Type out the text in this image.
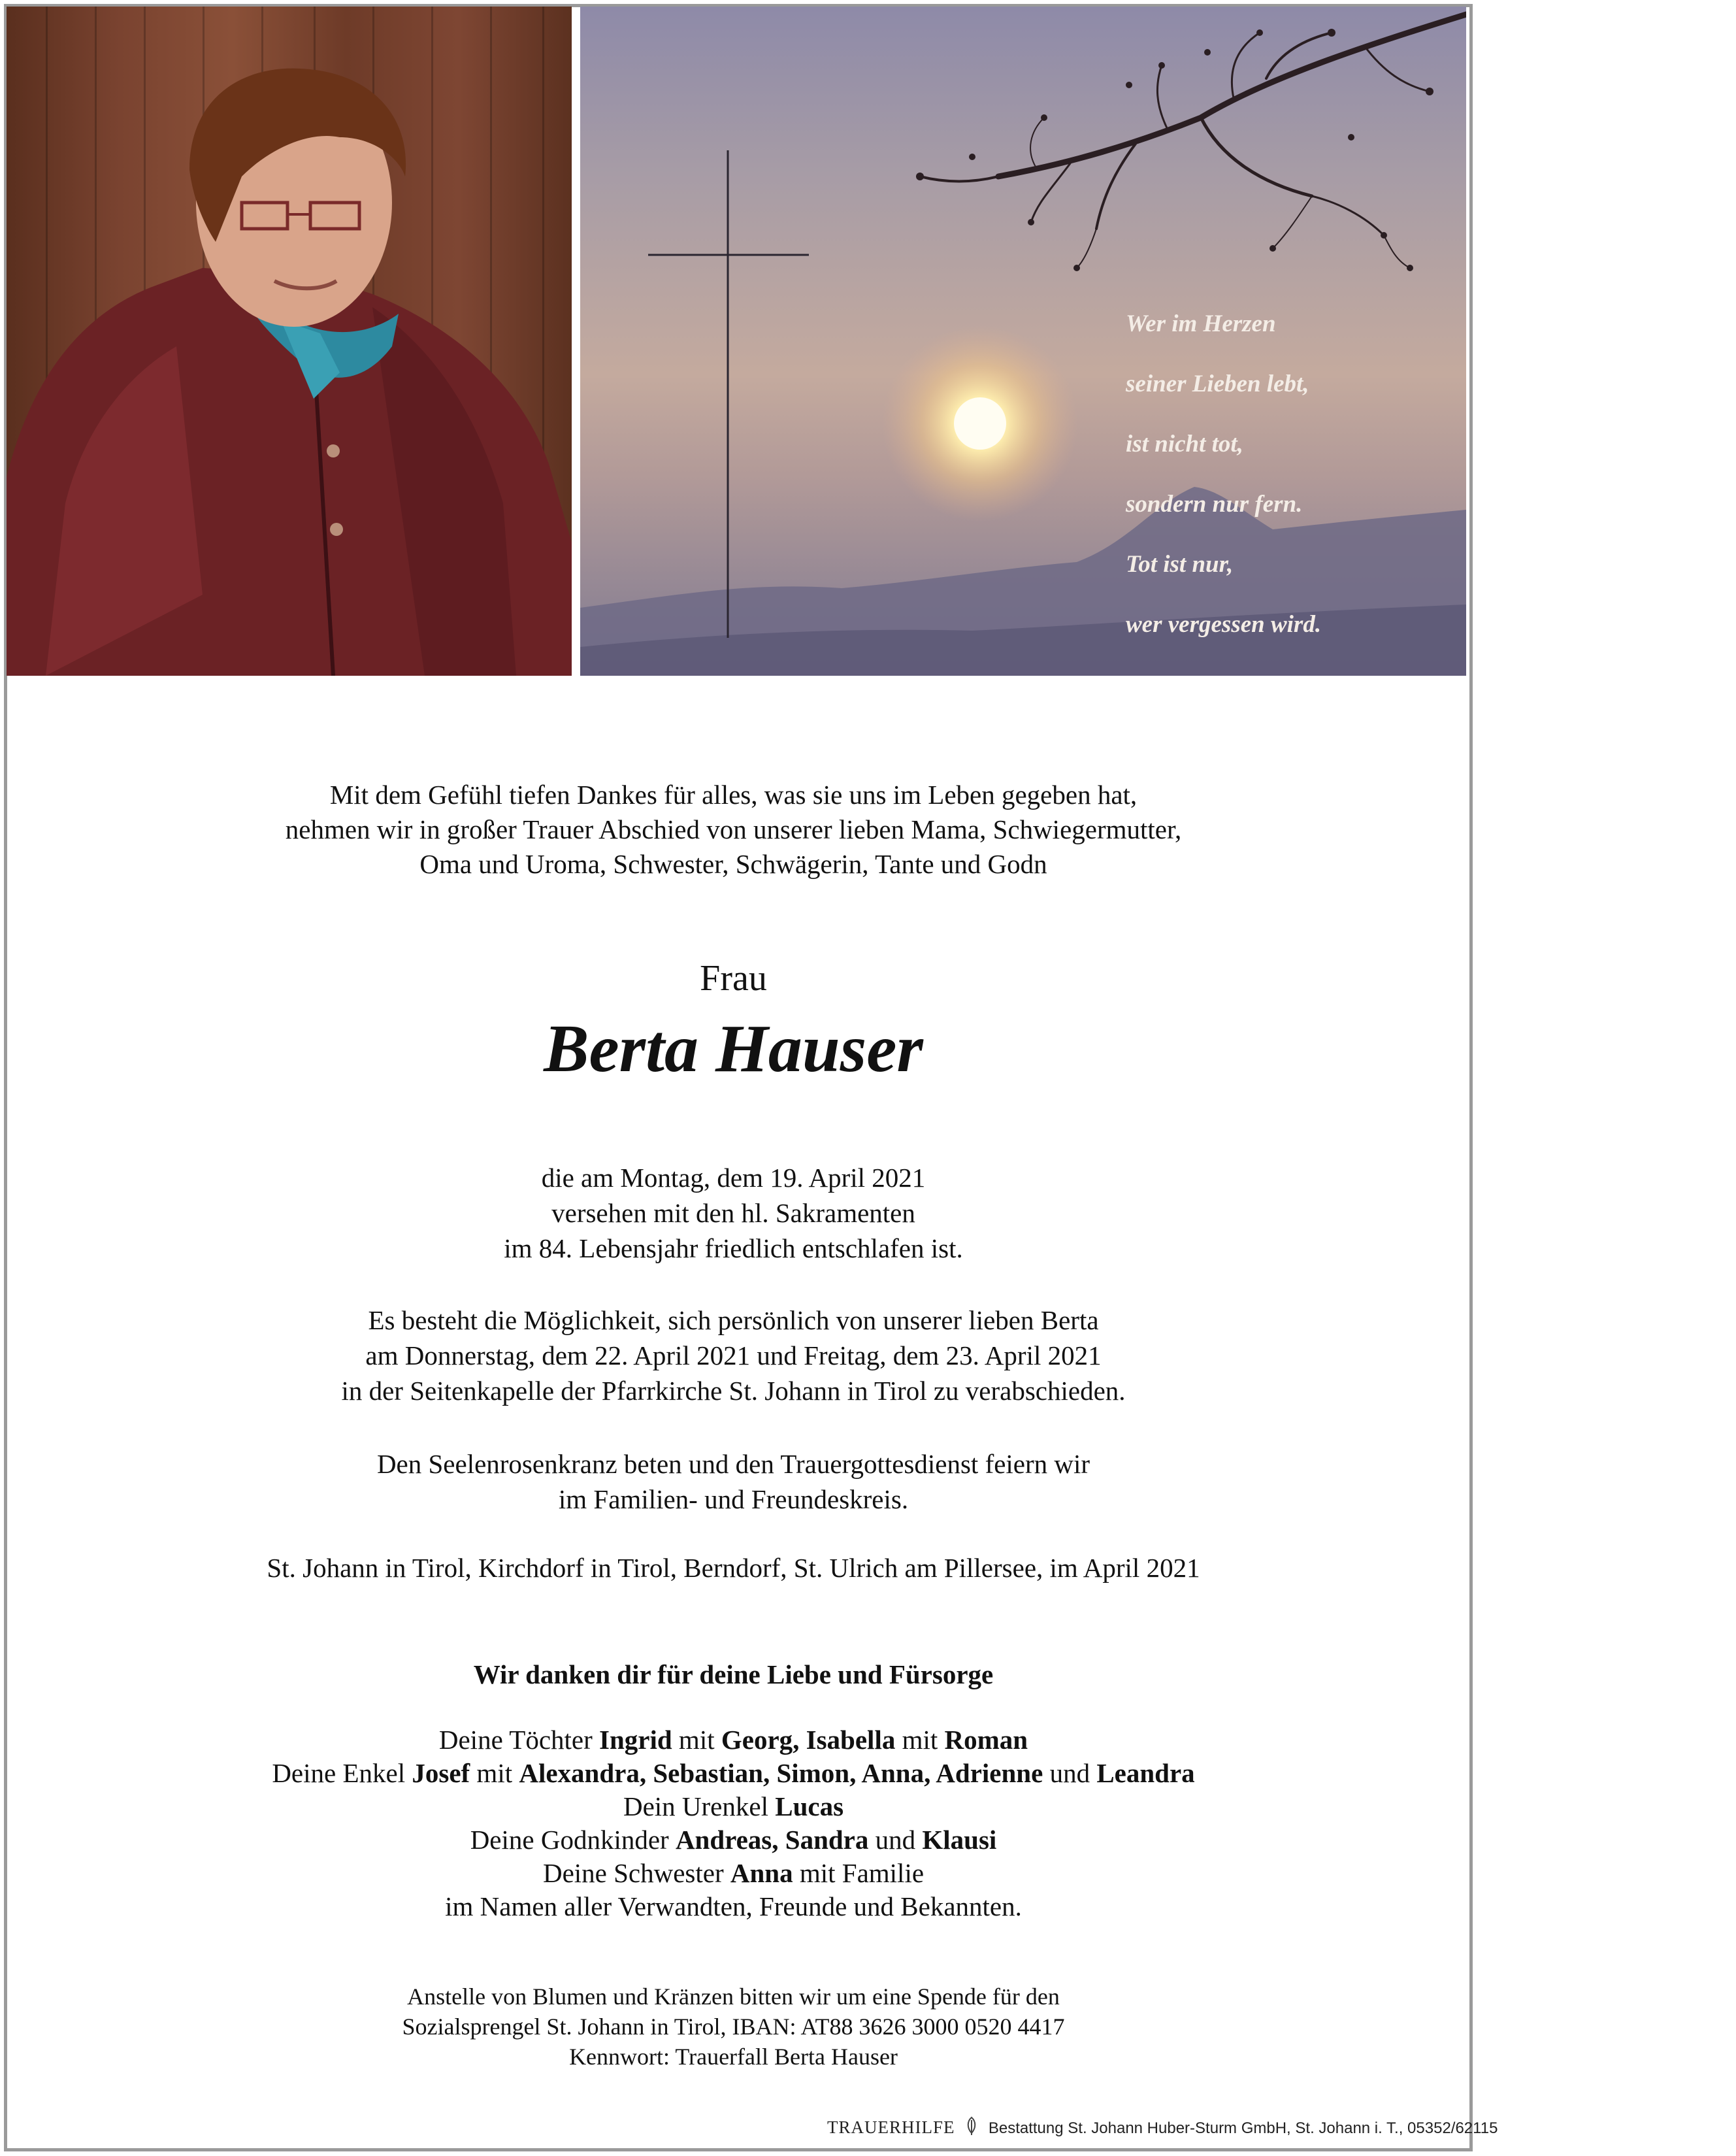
Wer im Herzen
seiner Lieben lebt,
ist nicht tot,
sondern nur fern.
Tot ist nur,
wer vergessen wird.
Mit dem Gefühl tiefen Dankes für alles, was sie uns im Leben gegeben hat,
nehmen wir in großer Trauer Abschied von unserer lieben Mama, Schwiegermutter,
Oma und Uroma, Schwester, Schwägerin, Tante und Godn
Frau
Berta Hauser
die am Montag, dem 19. April 2021
versehen mit den hl. Sakramenten
im 84. Lebensjahr friedlich entschlafen ist.
Es besteht die Möglichkeit, sich persönlich von unserer lieben Berta
am Donnerstag, dem 22. April 2021 und Freitag, dem 23. April 2021
in der Seitenkapelle der Pfarrkirche St. Johann in Tirol zu verabschieden.
Den Seelenrosenkranz beten und den Trauergottesdienst feiern wir
im Familien- und Freundeskreis.
St. Johann in Tirol, Kirchdorf in Tirol, Berndorf, St. Ulrich am Pillersee, im April 2021
Wir danken dir für deine Liebe und Fürsorge
Deine Töchter Ingrid mit Georg, Isabella mit Roman
Deine Enkel Josef mit Alexandra, Sebastian, Simon, Anna, Adrienne und Leandra
Dein Urenkel Lucas
Deine Godnkinder Andreas, Sandra und Klausi
Deine Schwester Anna mit Familie
im Namen aller Verwandten, Freunde und Bekannten.
Anstelle von Blumen und Kränzen bitten wir um eine Spende für den
Sozialsprengel St. Johann in Tirol, IBAN: AT88 3626 3000 0520 4417
Kennwort: Trauerfall Berta Hauser
TRAUERHILFE Bestattung St. Johann Huber-Sturm GmbH, St. Johann i. T., 05352/62115
